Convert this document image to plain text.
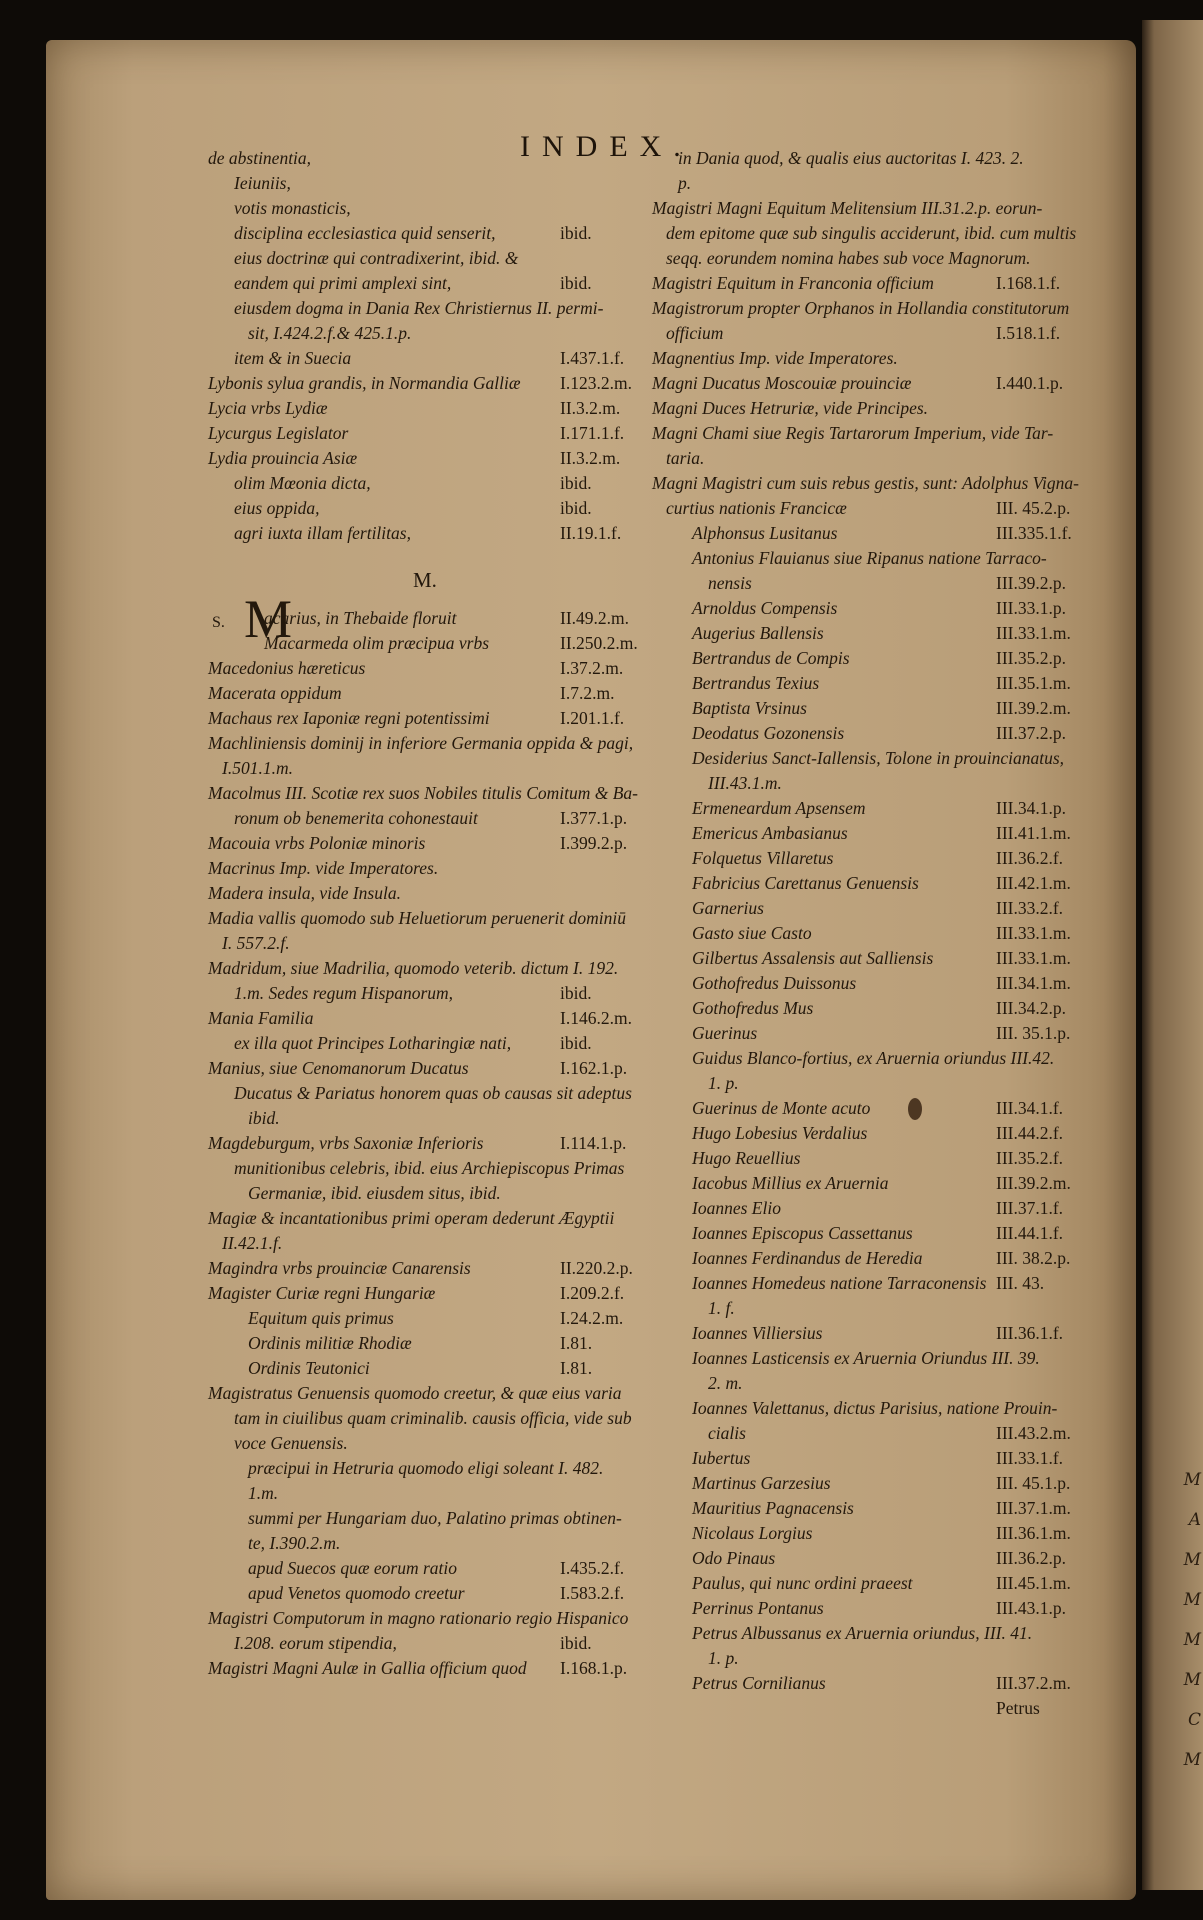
M
A
M
M
M
M
C
M
INDEX.
de abstinentia,
Ieiuniis,
votis monasticis,
disciplina ecclesiastica quid senserit,	ibid.
eius doctrinæ qui contradixerint, ibid. &
eandem qui primi amplexi sint,	ibid.
eiusdem dogma in Dania Rex Christiernus II. permi-
sit, I.424.2.f.& 425.1.p.
item & in Suecia	I.437.1.f.
Lybonis sylua grandis, in Normandia Galliæ I.123.2.m.
Lycia vrbs Lydiæ	II.3.2.m.
Lycurgus Legislator	I.171.1.f.
Lydia prouincia Asiæ	II.3.2.m.
olim Mœonia dicta,	ibid.
eius oppida,	ibid.
agri iuxta illam fertilitas,	II.19.1.f.
M.
S. M
acarius, in Thebaide floruit	II.49.2.m.
Macarmeda olim præcipua vrbs	II.250.2.m.
Macedonius hæreticus	I.37.2.m.
Macerata oppidum	I.7.2.m.
Machaus rex Iaponiæ regni potentissimi	I.201.1.f.
Machliniensis dominij in inferiore Germania oppida & pagi,
I.501.1.m.
Macolmus III. Scotiæ rex suos Nobiles titulis Comitum & Ba-
ronum ob benemerita cohonestauit	I.377.1.p.
Macouia vrbs Poloniæ minoris	I.399.2.p.
Macrinus Imp. vide Imperatores.
Madera insula, vide Insula.
Madia vallis quomodo sub Heluetiorum peruenerit dominiū
I. 557.2.f.
Madridum, siue Madrilia, quomodo veterib. dictum I. 192.
1.m. Sedes regum Hispanorum,	ibid.
Mania Familia	I.146.2.m.
ex illa quot Principes Lotharingiæ nati,	ibid.
Manius, siue Cenomanorum Ducatus	I.162.1.p.
Ducatus & Pariatus honorem quas ob causas sit adeptus
ibid.
Magdeburgum, vrbs Saxoniæ Inferioris	I.114.1.p.
munitionibus celebris, ibid. eius Archiepiscopus Primas
Germaniæ, ibid. eiusdem situs, ibid.
Magiæ & incantationibus primi operam dederunt Ægyptii
II.42.1.f.
Magindra vrbs prouinciæ Canarensis	II.220.2.p.
Magister Curiæ regni Hungariæ	I.209.2.f.
Equitum quis primus	I.24.2.m.
Ordinis militiæ Rhodiæ	I.81.
Ordinis Teutonici	I.81.
Magistratus Genuensis quomodo creetur, & quæ eius varia
tam in ciuilibus quam criminalib. causis officia, vide sub
voce Genuensis.
præcipui in Hetruria quomodo eligi soleant I. 482.
1.m.
summi per Hungariam duo, Palatino primas obtinen-
te, I.390.2.m.
apud Suecos quæ eorum ratio	I.435.2.f.
apud Venetos quomodo creetur	I.583.2.f.
Magistri Computorum in magno rationario regio Hispanico
I.208. eorum stipendia,	ibid.
Magistri Magni Aulæ in Gallia officium quod I.168.1.p.
in Dania quod, & qualis eius auctoritas I. 423. 2.
p.
Magistri Magni Equitum Melitensium III.31.2.p. eorun-
dem epitome quæ sub singulis acciderunt, ibid. cum multis
seqq. eorundem nomina habes sub voce Magnorum.
Magistri Equitum in Franconia officium	I.168.1.f.
Magistrorum propter Orphanos in Hollandia constitutorum
officium	I.518.1.f.
Magnentius Imp. vide Imperatores.
Magni Ducatus Moscouiæ prouinciæ	I.440.1.p.
Magni Duces Hetruriæ, vide Principes.
Magni Chami siue Regis Tartarorum Imperium, vide Tar-
taria.
Magni Magistri cum suis rebus gestis, sunt: Adolphus Vigna-
curtius nationis Francicæ	III. 45.2.p.
Alphonsus Lusitanus	III.335.1.f.
Antonius Flauianus siue Ripanus natione Tarraco-
nensis	III.39.2.p.
Arnoldus Compensis	III.33.1.p.
Augerius Ballensis	III.33.1.m.
Bertrandus de Compis	III.35.2.p.
Bertrandus Texius	III.35.1.m.
Baptista Vrsinus	III.39.2.m.
Deodatus Gozonensis	III.37.2.p.
Desiderius Sanct-Iallensis, Tolone in prouincianatus,
III.43.1.m.
Ermeneardum Apsensem	III.34.1.p.
Emericus Ambasianus	III.41.1.m.
Folquetus Villaretus	III.36.2.f.
Fabricius Carettanus Genuensis	III.42.1.m.
Garnerius	III.33.2.f.
Gasto siue Casto	III.33.1.m.
Gilbertus Assalensis aut Salliensis	III.33.1.m.
Gothofredus Duissonus	III.34.1.m.
Gothofredus Mus	III.34.2.p.
Guerinus	III. 35.1.p.
Guidus Blanco-fortius, ex Aruernia oriundus III.42.
1. p.
Guerinus de Monte acuto	III.34.1.f.
Hugo Lobesius Verdalius	III.44.2.f.
Hugo Reuellius	III.35.2.f.
Iacobus Millius ex Aruernia	III.39.2.m.
Ioannes Elio	III.37.1.f.
Ioannes Episcopus Cassettanus	III.44.1.f.
Ioannes Ferdinandus de Heredia	III. 38.2.p.
Ioannes Homedeus natione Tarraconensis III. 43.
1. f.
Ioannes Villiersius	III.36.1.f.
Ioannes Lasticensis ex Aruernia Oriundus III. 39.
2. m.
Ioannes Valettanus, dictus Parisius, natione Prouin-
cialis	III.43.2.m.
Iubertus	III.33.1.f.
Martinus Garzesius	III. 45.1.p.
Mauritius Pagnacensis	III.37.1.m.
Nicolaus Lorgius	III.36.1.m.
Odo Pinaus	III.36.2.p.
Paulus, qui nunc ordini praeest	III.45.1.m.
Perrinus Pontanus	III.43.1.p.
Petrus Albussanus ex Aruernia oriundus, III. 41.
1. p.
Petrus Cornilianus	III.37.2.m.
Petrus
